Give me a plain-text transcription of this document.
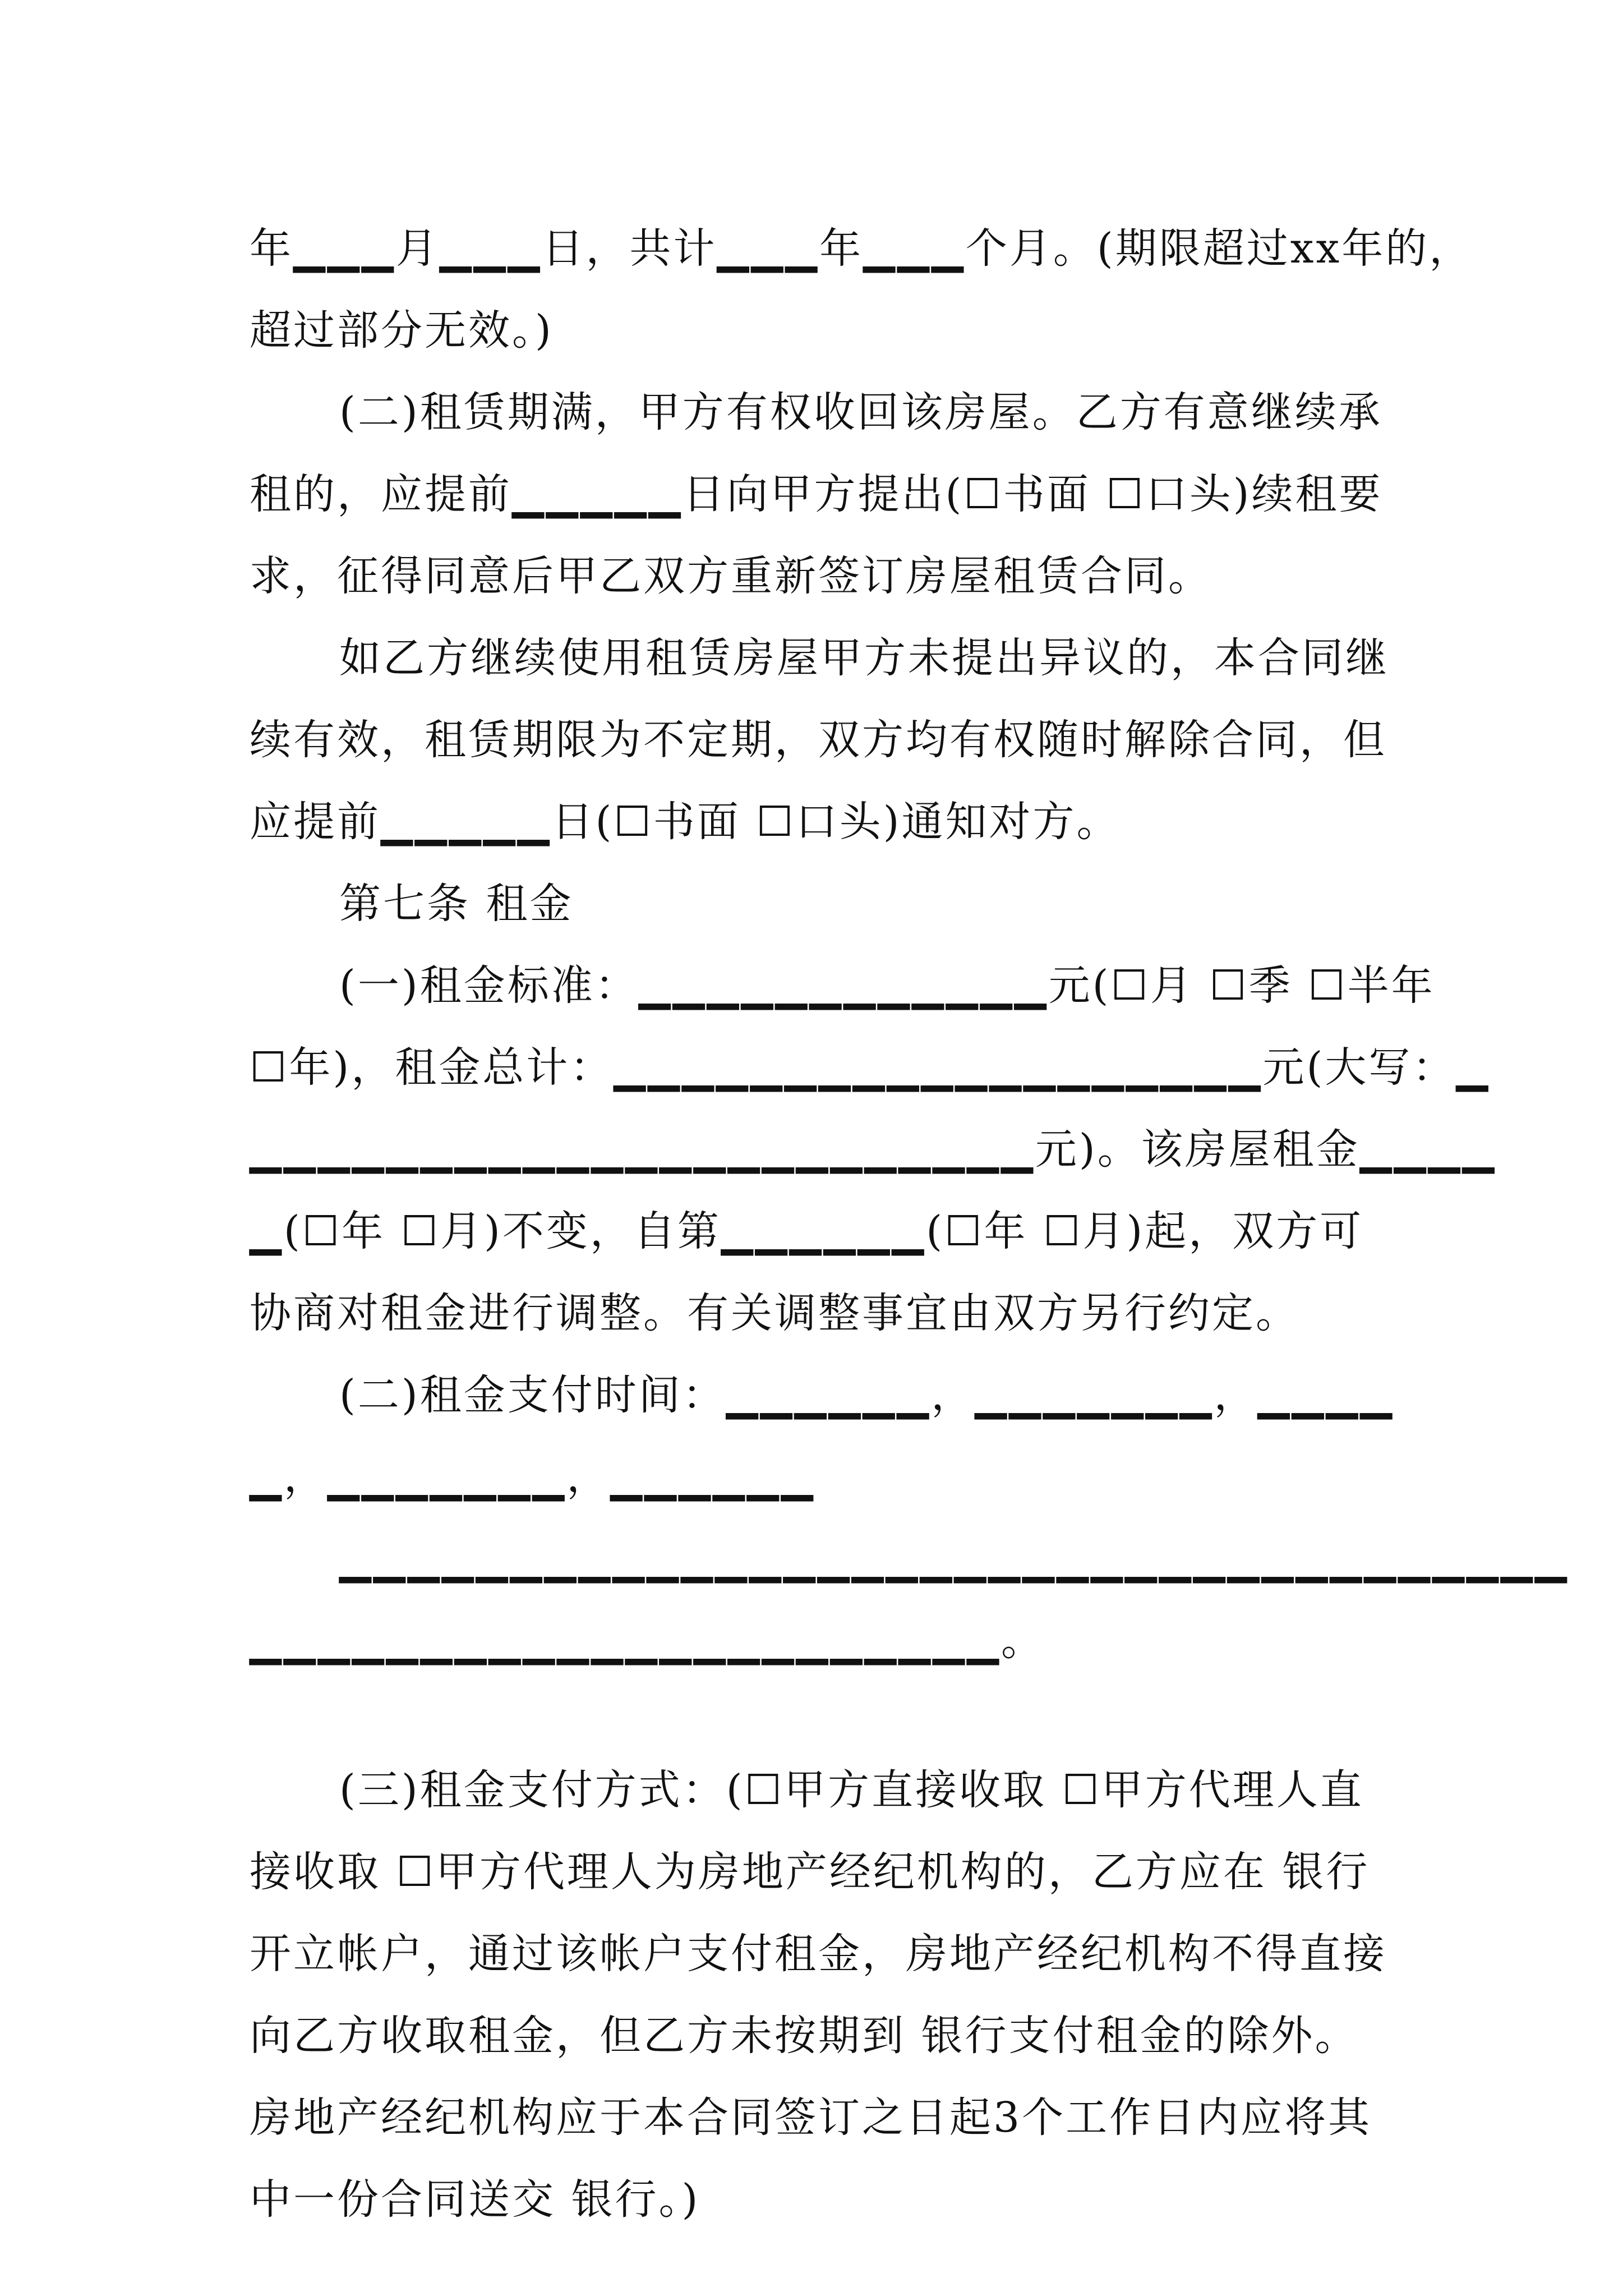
年▁▁▁月▁▁▁日，共计▁▁▁年▁▁▁个月。(期限超过xx年的，
超过部分无效。)
(二)租赁期满，甲方有权收回该房屋。乙方有意继续承
租的，应提前▁▁▁▁▁日向甲方提出(☐书面 ☐口头)续租要
求，征得同意后甲乙双方重新签订房屋租赁合同。
如乙方继续使用租赁房屋甲方未提出异议的，本合同继
续有效，租赁期限为不定期，双方均有权随时解除合同，但
应提前▁▁▁▁▁日(☐书面 ☐口头)通知对方。
第七条 租金
(一)租金标准：▁▁▁▁▁▁▁▁▁▁▁▁元(☐月 ☐季 ☐半年
☐年)，租金总计：▁▁▁▁▁▁▁▁▁▁▁▁▁▁▁▁▁▁▁元(大写：▁
▁▁▁▁▁▁▁▁▁▁▁▁▁▁▁▁▁▁▁▁▁▁▁元)。该房屋租金▁▁▁▁
▁(☐年 ☐月)不变，自第▁▁▁▁▁▁(☐年 ☐月)起，双方可
协商对租金进行调整。有关调整事宜由双方另行约定。
(二)租金支付时间：▁▁▁▁▁▁，▁▁▁▁▁▁▁，▁▁▁▁
▁，▁▁▁▁▁▁▁，▁▁▁▁▁▁
▁▁▁▁▁▁▁▁▁▁▁▁▁▁▁▁▁▁▁▁▁▁▁▁▁▁▁▁▁▁▁▁▁▁▁▁
▁▁▁▁▁▁▁▁▁▁▁▁▁▁▁▁▁▁▁▁▁▁。
(三)租金支付方式：(☐甲方直接收取 ☐甲方代理人直
接收取 ☐甲方代理人为房地产经纪机构的，乙方应在 银行
开立帐户，通过该帐户支付租金，房地产经纪机构不得直接
向乙方收取租金，但乙方未按期到 银行支付租金的除外。
房地产经纪机构应于本合同签订之日起3个工作日内应将其
中一份合同送交 银行。)
